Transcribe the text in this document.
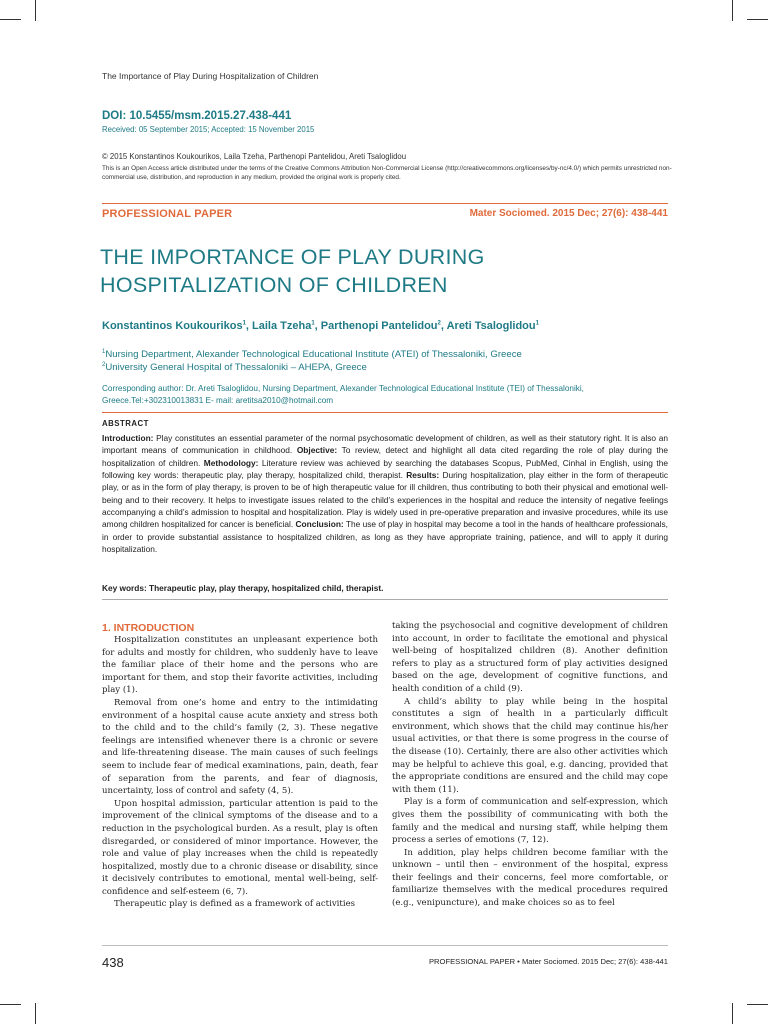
The Importance of Play During Hospitalization of Children
DOI: 10.5455/msm.2015.27.438-441
Received: 05 September 2015; Accepted: 15 November 2015
© 2015 Konstantinos Koukourikos, Laila Tzeha, Parthenopi Pantelidou, Areti Tsaloglidou
This is an Open Access article distributed under the terms of the Creative Commons Attribution Non-Commercial License (http://creativecommons.org/licenses/by-nc/4.0/) which permits unrestricted non-commercial use, distribution, and reproduction in any medium, provided the original work is properly cited.
PROFESSIONAL PAPER	Mater Sociomed. 2015 Dec; 27(6): 438-441
THE IMPORTANCE OF PLAY DURING
HOSPITALIZATION OF CHILDREN
Konstantinos Koukourikos$^1$, Laila Tzeha$^1$, Parthenopi Pantelidou$^2$, Areti Tsaloglidou$^1$
$^1$Nursing Department, Alexander Technological Educational Institute (ATEI) of Thessaloniki, Greece
$^2$University General Hospital of Thessaloniki – AHEPA, Greece
Corresponding author: Dr. Areti Tsaloglidou, Nursing Department, Alexander Technological Educational Institute (TEI) of Thessaloniki, Greece.Tel:+302310013831 E- mail: aretitsa2010@hotmail.com
ABSTRACT
Introduction: Play constitutes an essential parameter of the normal psychosomatic development of children, as well as their statutory right. It is also an important means of communication in childhood. Objective: To review, detect and highlight all data cited regarding the role of play during the hospitalization of children. Methodology: Literature review was achieved by searching the databases Scopus, PubMed, Cinhal in English, using the following key words: therapeutic play, play therapy, hospitalized child, therapist. Results: During hospitalization, play either in the form of therapeutic play, or as in the form of play therapy, is proven to be of high therapeutic value for ill children, thus contributing to both their physical and emotional well-being and to their recovery. It helps to investigate issues related to the child’s experiences in the hospital and reduce the intensity of negative feelings accompanying a child’s admission to hospital and hospitalization. Play is widely used in pre-operative preparation and invasive procedures, while its use among children hospitalized for cancer is beneficial. Conclusion: The use of play in hospital may become a tool in the hands of healthcare professionals, in order to provide substantial assistance to hospitalized children, as long as they have appropriate training, patience, and will to apply it during hospitalization.
Key words: Therapeutic play, play therapy, hospitalized child, therapist.
1. INTRODUCTION

Hospitalization constitutes an unpleasant experience both for adults and mostly for children, who suddenly have to leave the familiar place of their home and the persons who are important for them, and stop their favorite activities, including play (1).

Removal from one’s home and entry to the intimidating environment of a hospital cause acute anxiety and stress both to the child and to the child’s family (2, 3). These negative feelings are intensified whenever there is a chronic or severe and life-threatening disease. The main causes of such feelings seem to include fear of medical examinations, pain, death, fear of separation from the parents, and fear of diagnosis, uncertainty, loss of control and safety (4, 5).

Upon hospital admission, particular attention is paid to the improvement of the clinical symptoms of the disease and to a reduction in the psychological burden. As a result, play is often disregarded, or considered of minor importance. However, the role and value of play increases when the child is repeatedly hospitalized, mostly due to a chronic disease or disability, since it decisively contributes to emotional, mental well-being, self-confidence and self-esteem (6, 7).

Therapeutic play is defined as a framework of activities

taking the psychosocial and cognitive development of children into account, in order to facilitate the emotional and physical well-being of hospitalized children (8). Another definition refers to play as a structured form of play activities designed based on the age, development of cognitive functions, and health condition of a child (9).

A child’s ability to play while being in the hospital constitutes a sign of health in a particularly difficult environment, which shows that the child may continue his/her usual activities, or that there is some progress in the course of the disease (10). Certainly, there are also other activities which may be helpful to achieve this goal, e.g. dancing, provided that the appropriate conditions are ensured and the child may cope with them (11).

Play is a form of communication and self-expression, which gives them the possibility of communicating with both the family and the medical and nursing staff, while helping them process a series of emotions (7, 12).

In addition, play helps children become familiar with the unknown – until then – environment of the hospital, express their feelings and their concerns, feel more comfortable, or familiarize themselves with the medical procedures required (e.g., venipuncture), and make choices so as to feel

438	PROFESSIONAL PAPER • Mater Sociomed. 2015 Dec; 27(6): 438-441
